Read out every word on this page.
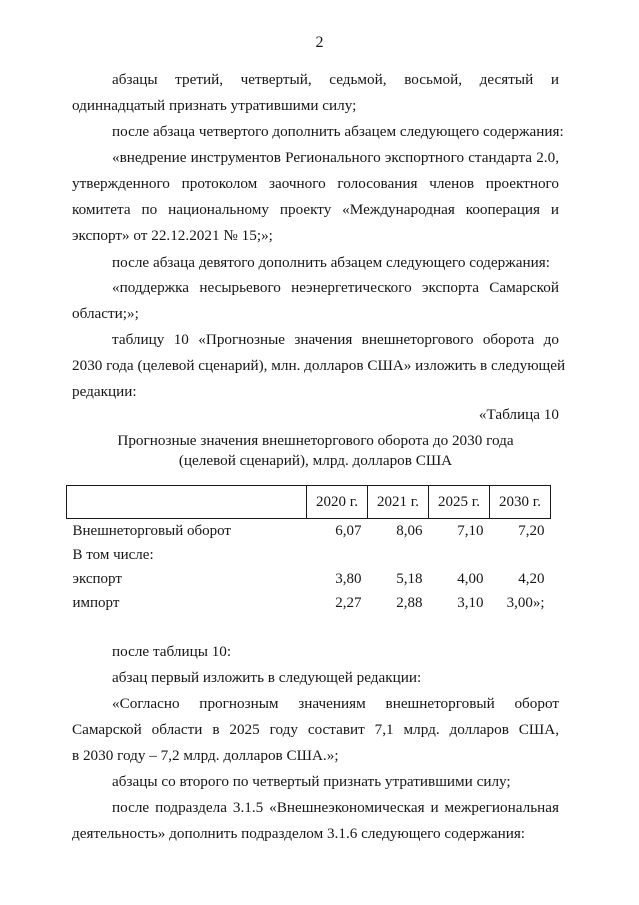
2
абзацы третий, четвертый, седьмой, восьмой, десятый и
одиннадцатый признать утратившими силу;
после абзаца четвертого дополнить абзацем следующего содержания:
«внедрение инструментов Регионального экспортного стандарта 2.0,
утвержденного протоколом заочного голосования членов проектного
комитета по национальному проекту «Международная кооперация и
экспорт» от 22.12.2021 № 15;»;
после абзаца девятого дополнить абзацем следующего содержания:
«поддержка несырьевого неэнергетического экспорта Самарской
области;»;
таблицу 10 «Прогнозные значения внешнеторгового оборота до
2030 года (целевой сценарий), млн. долларов США» изложить в следующей
редакции:
«Таблица 10
Прогнозные значения внешнеторгового оборота до 2030 года
(целевой сценарий), млрд. долларов США
	2020 г.	2021 г.	2025 г.	2030 г.
Внешнеторговый оборот	6,07	8,06	7,10	7,20
В том числе:				
экспорт	3,80	5,18	4,00	4,20
импорт	2,27	2,88	3,10	3,00»;
после таблицы 10:
абзац первый изложить в следующей редакции:
«Согласно прогнозным значениям внешнеторговый оборот
Самарской области в 2025 году составит 7,1 млрд. долларов США,
в 2030 году – 7,2 млрд. долларов США.»;
абзацы со второго по четвертый признать утратившими силу;
после подраздела 3.1.5 «Внешнеэкономическая и межрегиональная
деятельность» дополнить подразделом 3.1.6 следующего содержания:
